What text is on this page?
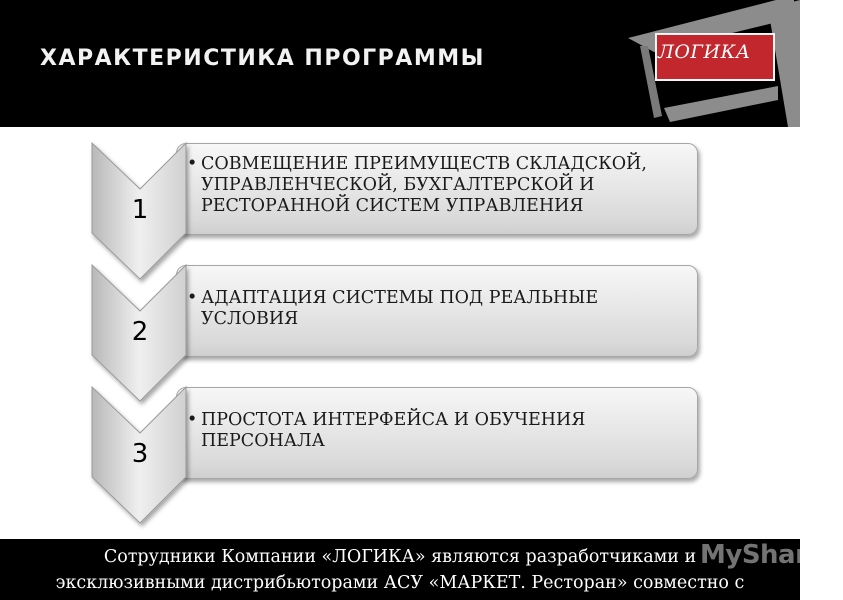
ХАРАКТЕРИСТИКА ПРОГРАММЫ	ЛОГИКА
• СОВМЕЩЕНИЕ ПРЕИМУЩЕСТВ СКЛАДСКОЙ, УПРАВЛЕНЧЕСКОЙ, БУХГАЛТЕРСКОЙ И РЕСТОРАННОЙ СИСТЕМ УПРАВЛЕНИЯ
• АДАПТАЦИЯ СИСТЕМЫ ПОД РЕАЛЬНЫЕ УСЛОВИЯ
• ПРОСТОТА ИНТЕРФЕЙСА И ОБУЧЕНИЯ ПЕРСОНАЛА
1
2
3
Сотрудники Компании «ЛОГИКА» являются разработчиками и
эксклюзивными дистрибьюторами АСУ «МАРКЕТ. Ресторан» совместно с
MyShared
